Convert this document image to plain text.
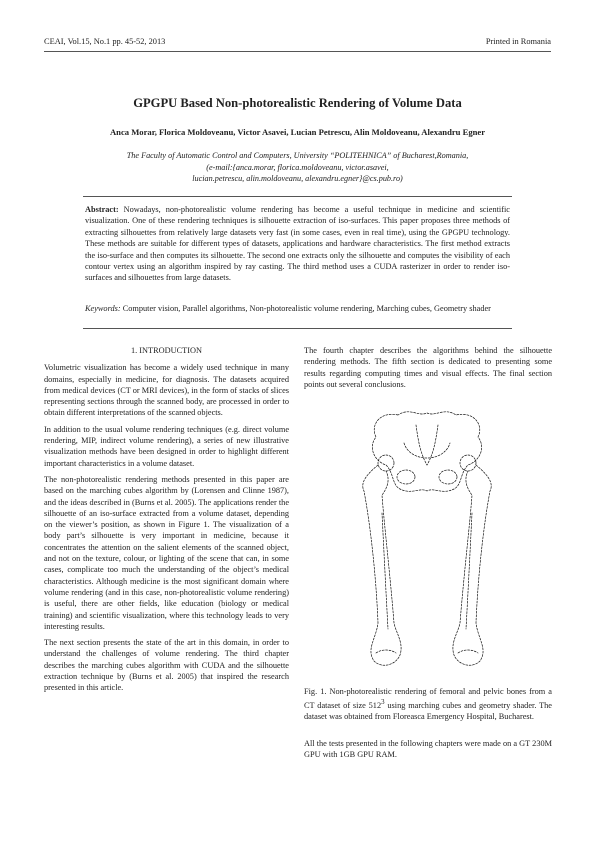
CEAI, Vol.15, No.1 pp. 45-52, 2013	Printed in Romania
GPGPU Based Non-photorealistic Rendering of Volume Data
Anca Morar, Florica Moldoveanu, Victor Asavei, Lucian Petrescu, Alin Moldoveanu, Alexandru Egner
The Faculty of Automatic Control and Computers, University “POLITEHNICA” of Bucharest,Romania,
(e-mail:{anca.morar, florica.moldoveanu, victor.asavei,
lucian.petrescu, alin.moldoveanu, alexandru.egner}@cs.pub.ro)
Abstract: Nowadays, non-photorealistic volume rendering has become a useful technique in medicine and scientific visualization. One of these rendering techniques is silhouette extraction of iso-surfaces. This paper proposes three methods of extracting silhouettes from relatively large datasets very fast (in some cases, even in real time), using the GPGPU technology. These methods are suitable for different types of datasets, applications and hardware characteristics. The first method extracts the iso-surface and then computes its silhouette. The second one extracts only the silhouette and computes the visibility of each contour vertex using an algorithm inspired by ray casting. The third method uses a CUDA rasterizer in order to render iso-surfaces and silhouettes from large datasets.
Keywords: Computer vision, Parallel algorithms, Non-photorealistic volume rendering, Marching cubes, Geometry shader
1. INTRODUCTION

Volumetric visualization has become a widely used technique in many domains, especially in medicine, for diagnosis. The datasets acquired from medical devices (CT or MRI devices), in the form of stacks of slices representing sections through the scanned body, are processed in order to obtain different interpretations of the scanned objects.

In addition to the usual volume rendering techniques (e.g. direct volume rendering, MIP, indirect volume rendering), a series of new illustrative visualization methods have been designed in order to highlight different important characteristics in a volume dataset.

The non-photorealistic rendering methods presented in this paper are based on the marching cubes algorithm by (Lorensen and Clinne 1987), and the ideas described in (Burns et al. 2005). The applications render the silhouette of an iso-surface extracted from a volume dataset, depending on the viewer’s position, as shown in Figure 1. The visualization of a body part’s silhouette is very important in medicine, because it concentrates the attention on the salient elements of the scanned object, and not on the texture, colour, or lighting of the scene that can, in some cases, complicate too much the understanding of the object’s medical characteristics. Although medicine is the most significant domain where volume rendering (and in this case, non-photorealistic volume rendering) is useful, there are other fields, like education (biology or medical training) and scientific visualization, where this technology leads to very interesting results.

The next section presents the state of the art in this domain, in order to understand the challenges of volume rendering. The third chapter describes the marching cubes algorithm with CUDA and the silhouette extraction technique by (Burns et al. 2005) that inspired the research presented in this article.

The fourth chapter describes the algorithms behind the silhouette rendering methods. The fifth section is dedicated to presenting some results regarding computing times and visual effects. The final section points out several conclusions.

Fig. 1. Non-photorealistic rendering of femoral and pelvic bones from a CT dataset of size $512^3$ using marching cubes and geometry shader. The dataset was obtained from Floreasca Emergency Hospital, Bucharest.
All the tests presented in the following chapters were made on a GT 230M GPU with 1GB GPU RAM.
